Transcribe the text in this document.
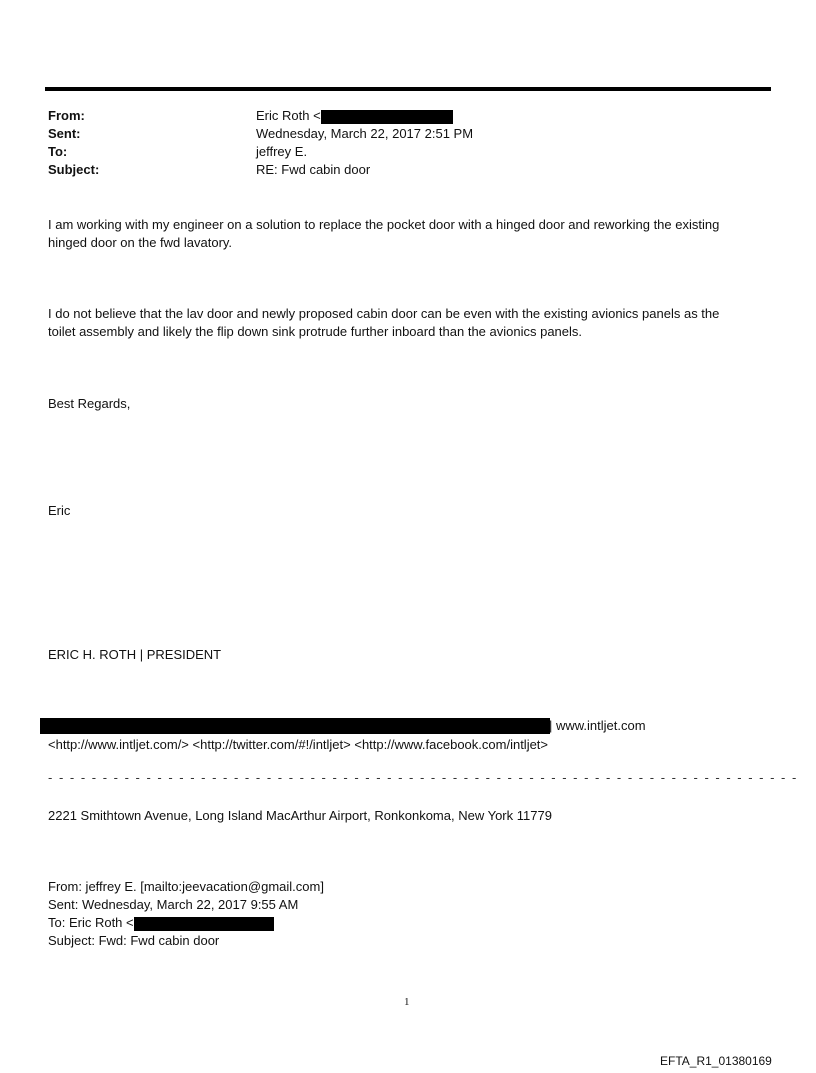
From:	Eric Roth <
Sent:	Wednesday, March 22, 2017 2:51 PM
To:	jeffrey E.
Subject:	RE: Fwd cabin door
I am working with my engineer on a solution to replace the pocket door with a hinged door and reworking the existing
hinged door on the fwd lavatory.
I do not believe that the lav door and newly proposed cabin door can be even with the existing avionics panels as the
toilet assembly and likely the flip down sink protrude further inboard than the avionics panels.
Best Regards,
Eric
ERIC H. ROTH | PRESIDENT
| www.intljet.com
<http://www.intljet.com/> <http://twitter.com/#!/intljet> <http://www.facebook.com/intljet>
- - - - - - - - - - - - - - - - - - - - - - - - - - - - - - - - - - - - - - - - - - - - - - - - - - - - - - - - - - - - - - - - - - - - -
2221 Smithtown Avenue, Long Island MacArthur Airport, Ronkonkoma, New York 11779
From: jeffrey E. [mailto:jeevacation@gmail.com]
Sent: Wednesday, March 22, 2017 9:55 AM
To: Eric Roth <
Subject: Fwd: Fwd cabin door
1
EFTA_R1_01380169
